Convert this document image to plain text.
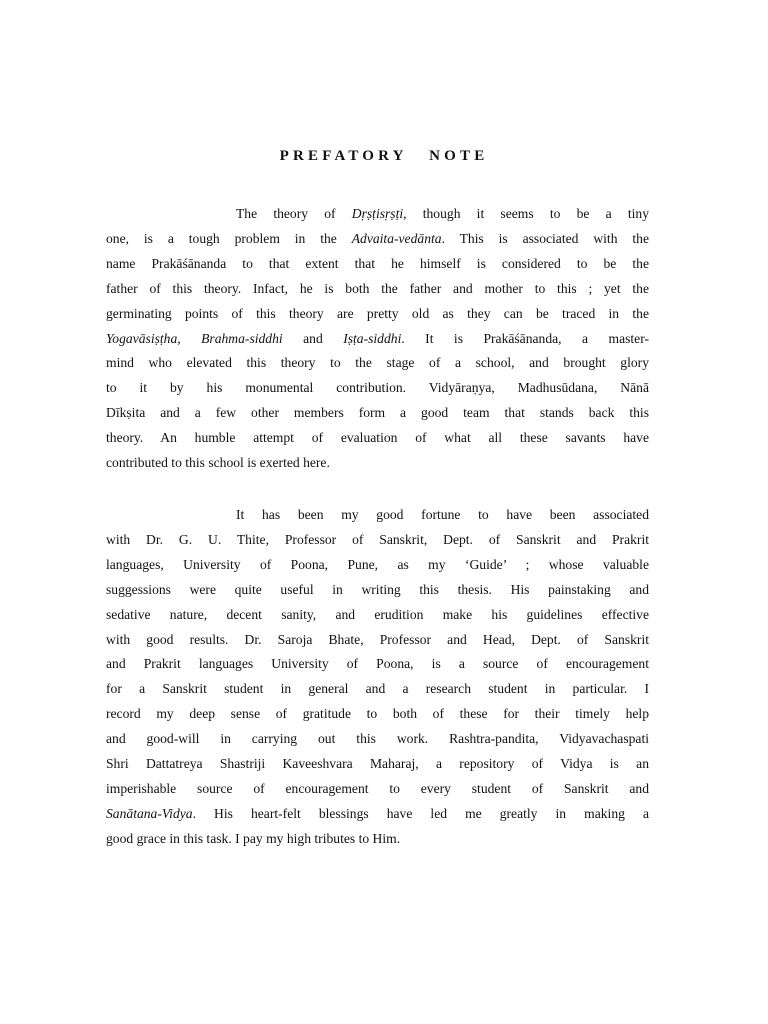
PREFATORY NOTE
The theory of Dṛṣṭisṛṣṭi, though it seems to be a tiny
one, is a tough problem in the Advaita-vedānta. This is associated with the
name Prakāśānanda to that extent that he himself is considered to be the
father of this theory. Infact, he is both the father and mother to this ; yet the
germinating points of this theory are pretty old as they can be traced in the
Yogavāsiṣṭha, Brahma-siddhi and Iṣṭa-siddhi. It is Prakāśānanda, a master-
mind who elevated this theory to the stage of a school, and brought glory
to it by his monumental contribution. Vidyāraṇya, Madhusūdana, Nānā
Dīkṣita and a few other members form a good team that stands back this
theory. An humble attempt of evaluation of what all these savants have
contributed to this school is exerted here.
It has been my good fortune to have been associated
with Dr. G. U. Thite, Professor of Sanskrit, Dept. of Sanskrit and Prakrit
languages, University of Poona, Pune, as my ‘Guide’ ; whose valuable
suggessions were quite useful in writing this thesis. His painstaking and
sedative nature, decent sanity, and erudition make his guidelines effective
with good results. Dr. Saroja Bhate, Professor and Head, Dept. of Sanskrit
and Prakrit languages University of Poona, is a source of encouragement
for a Sanskrit student in general and a research student in particular. I
record my deep sense of gratitude to both of these for their timely help
and good-will in carrying out this work. Rashtra-pandita, Vidyavachaspati
Shri Dattatreya Shastriji Kaveeshvara Maharaj, a repository of Vidya is an
imperishable source of encouragement to every student of Sanskrit and
Sanātana-Vidya. His heart-felt blessings have led me greatly in making a
good grace in this task. I pay my high tributes to Him.
